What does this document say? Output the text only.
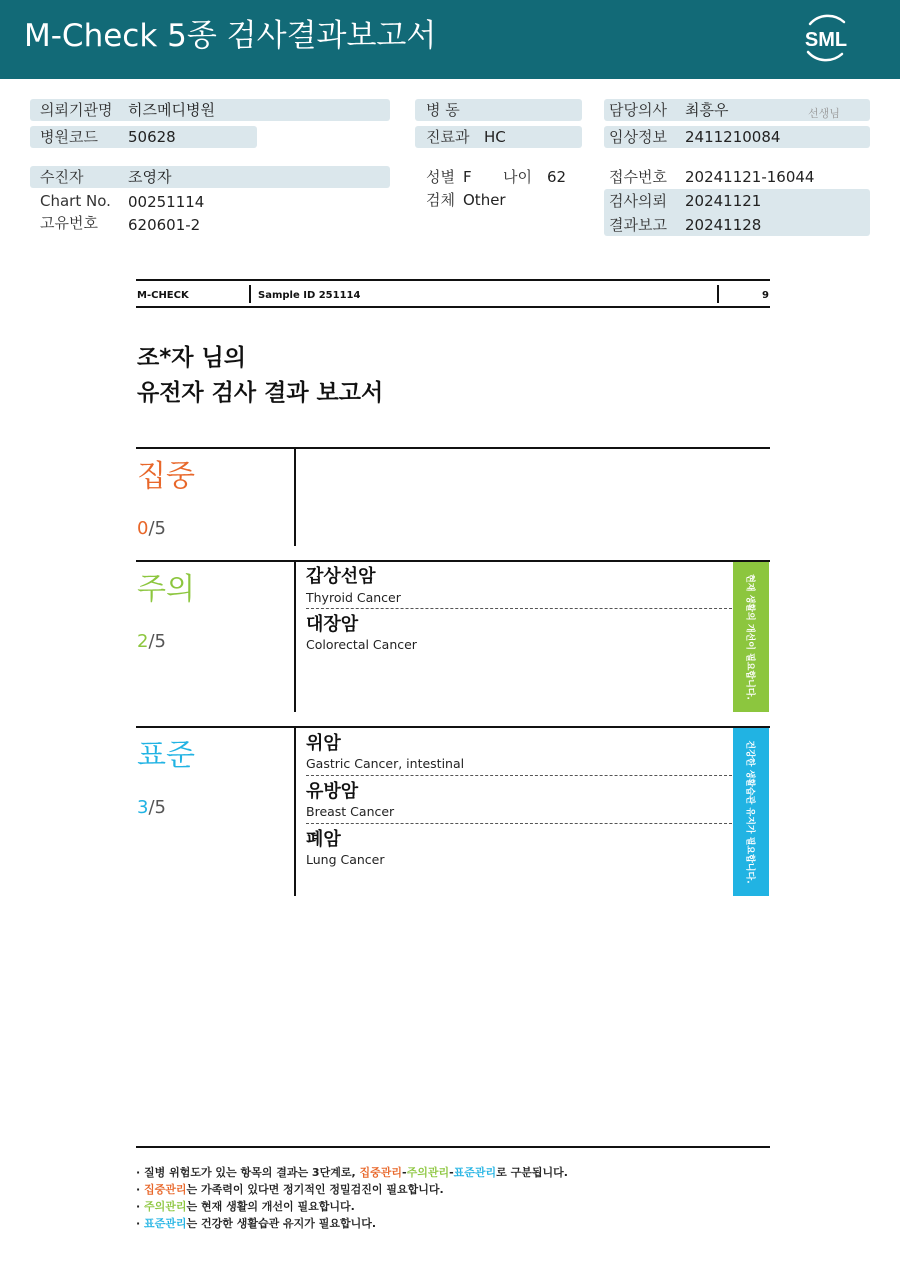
M-Check 5종 검사결과보고서	SML
의뢰기관명 히즈메디병원
병원코드 50628
수진자	조영자
Chart No. 00251114
고유번호 620601-2
병 동
진료과 HC
성별 F 나이 62
검체 Other
담당의사 최흥우	선생님
임상정보 2411210084
접수번호 20241121-16044
검사의뢰 20241121
결과보고 20241128
M-CHECK	Sample ID 251114	9
조*자 님의
유전자 검사 결과 보고서
집중
0/5
주의
2/5
갑상선암
Thyroid Cancer
대장암
Colorectal Cancer	현재 생활의 개선이 필요합니다.
표준
3/5
위암
Gastric Cancer, intestinal
유방암
Breast Cancer
폐암
Lung Cancer	건강한 생활습관 유지가 필요합니다.
· 질병 위험도가 있는 항목의 결과는 3단계로, 집중관리-주의관리-표준관리로 구분됩니다.
· 집중관리는 가족력이 있다면 정기적인 정밀검진이 필요합니다.
· 주의관리는 현재 생활의 개선이 필요합니다.
· 표준관리는 건강한 생활습관 유지가 필요합니다.
